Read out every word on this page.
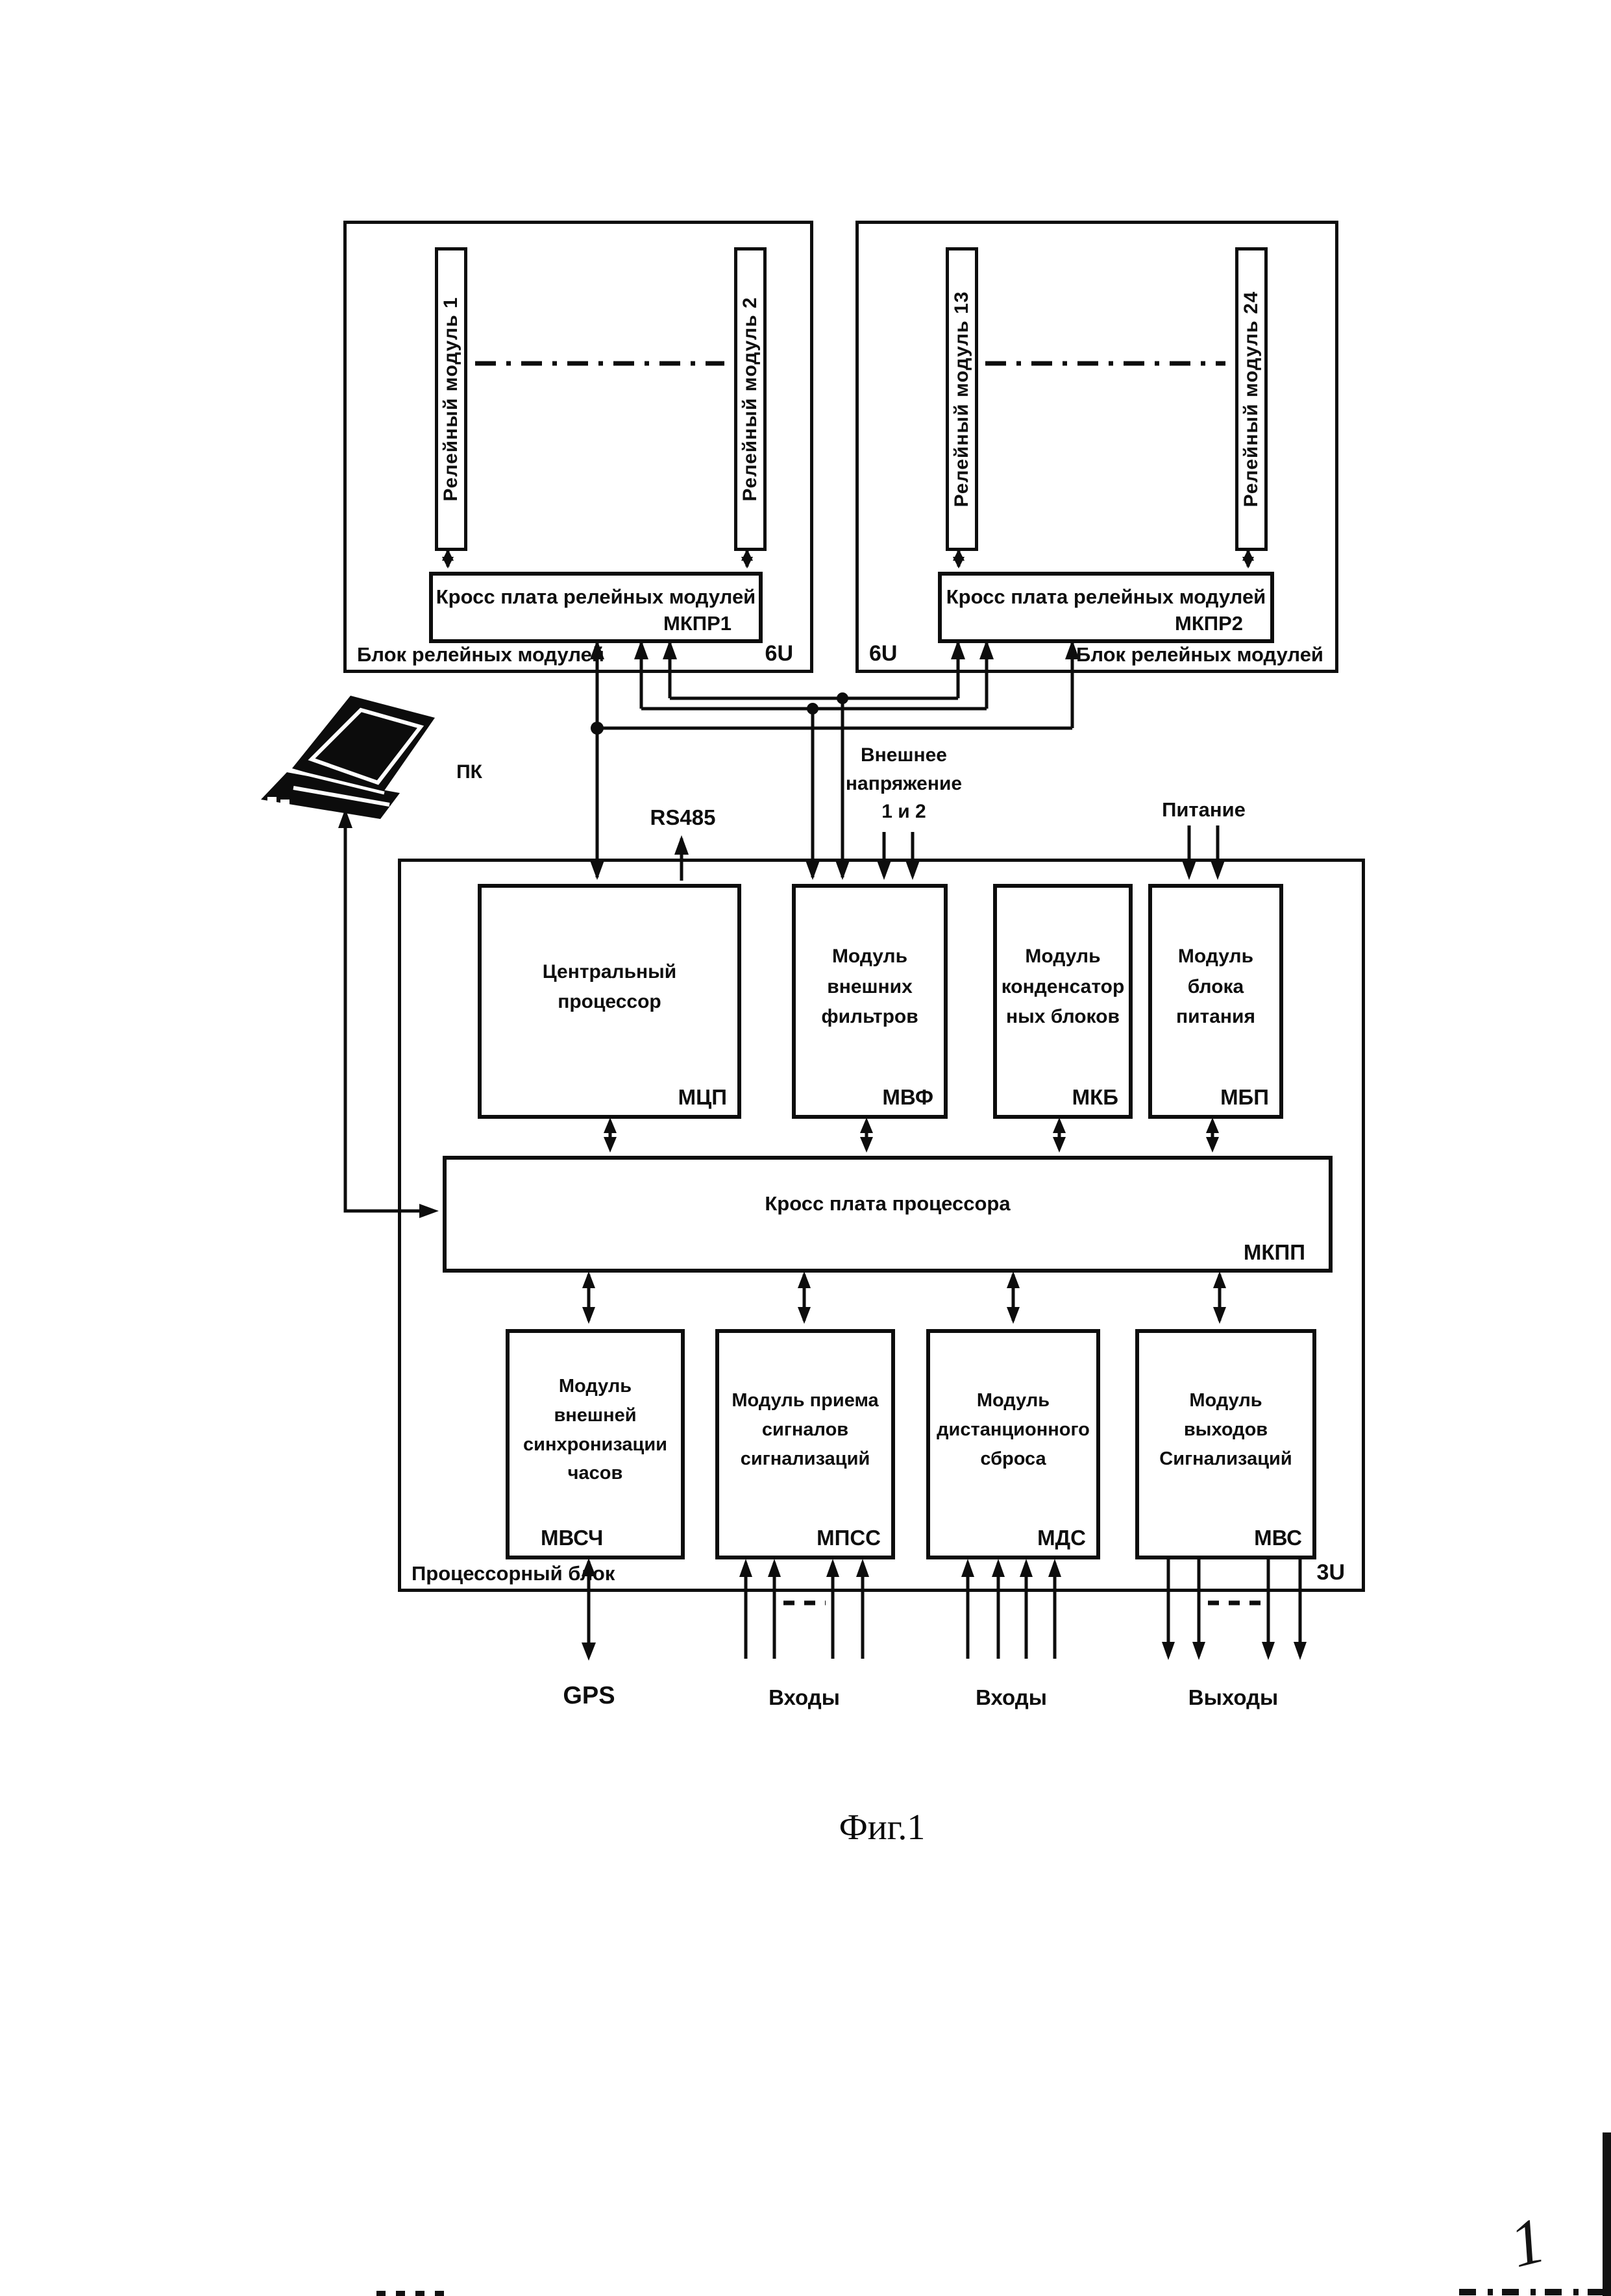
Релейный модуль 1	Релейный модуль 2
Кросс плата релейных модулей
МКПР1
Блок релейных модулей	6U
Релейный модуль 13	Релейный модуль 24
Кросс плата релейных модулей
МКПР2
6U	Блок релейных модулей
ПК
RS485
Внешнее
напряжение
1 и 2	Питание
Центральный
процессор
МЦП
Модуль
внешних
фильтров
МВФ
Модуль
конденсатор
ных блоков
МКБ
Модуль
блока
питания
МБП
Кросс плата процессора
МКПП
Модуль
внешней
синхронизации
часов
МВСЧ
Модуль приема
сигналов
сигнализаций
МПСС
Модуль
дистанционного
сброса
МДС
Модуль
выходов
Сигнализаций
МВС
Процессорный блок	3U
GPS	Входы	Входы	Выходы
Фиг.1
1
